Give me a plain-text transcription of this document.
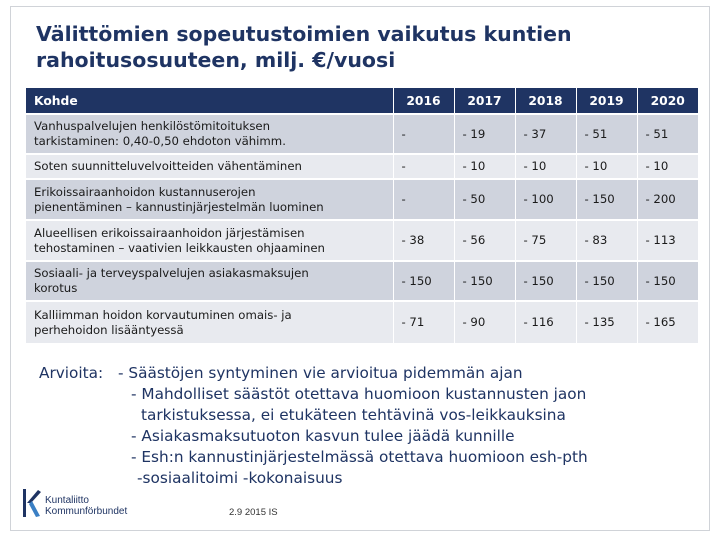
Välittömien sopeutustoimien vaikutus kuntien
rahoitusosuuteen, milj. €/vuosi
Kohde	2016	2017	2018	2019	2020

Vanhuspalvelujen henkilöstömitoituksen
tarkistaminen: 0,40-0,50 ehdoton vähimm.	-	- 19	- 37	- 51	- 51

Soten suunnitteluvelvoitteiden vähentäminen	-	- 10	- 10	- 10	- 10

Erikoissairaanhoidon kustannuserojen
pienentäminen – kannustinjärjestelmän luominen	-	- 50	- 100	- 150	- 200

Alueellisen erikoissairaanhoidon järjestämisen
tehostaminen – vaativien leikkausten ohjaaminen	- 38	- 56	- 75	- 83	- 113

Sosiaali- ja terveyspalvelujen asiakasmaksujen
korotus	- 150	- 150	- 150	- 150	- 150

Kalliimman hoidon korvautuminen omais- ja
perhehoidon lisääntyessä	- 71	- 90	- 116	- 135	- 165
Arvioita: - Säästöjen syntyminen vie arvioitua pidemmän ajan
- Mahdolliset säästöt otettava huomioon kustannusten jaon
tarkistuksessa, ei etukäteen tehtävinä vos-leikkauksina
- Asiakasmaksutuoton kasvun tulee jäädä kunnille
- Esh:n kannustinjärjestelmässä otettava huomioon esh-pth
-sosiaalitoimi -kokonaisuus
Kuntaliitto
Kommunförbundet	2.9 2015 IS
